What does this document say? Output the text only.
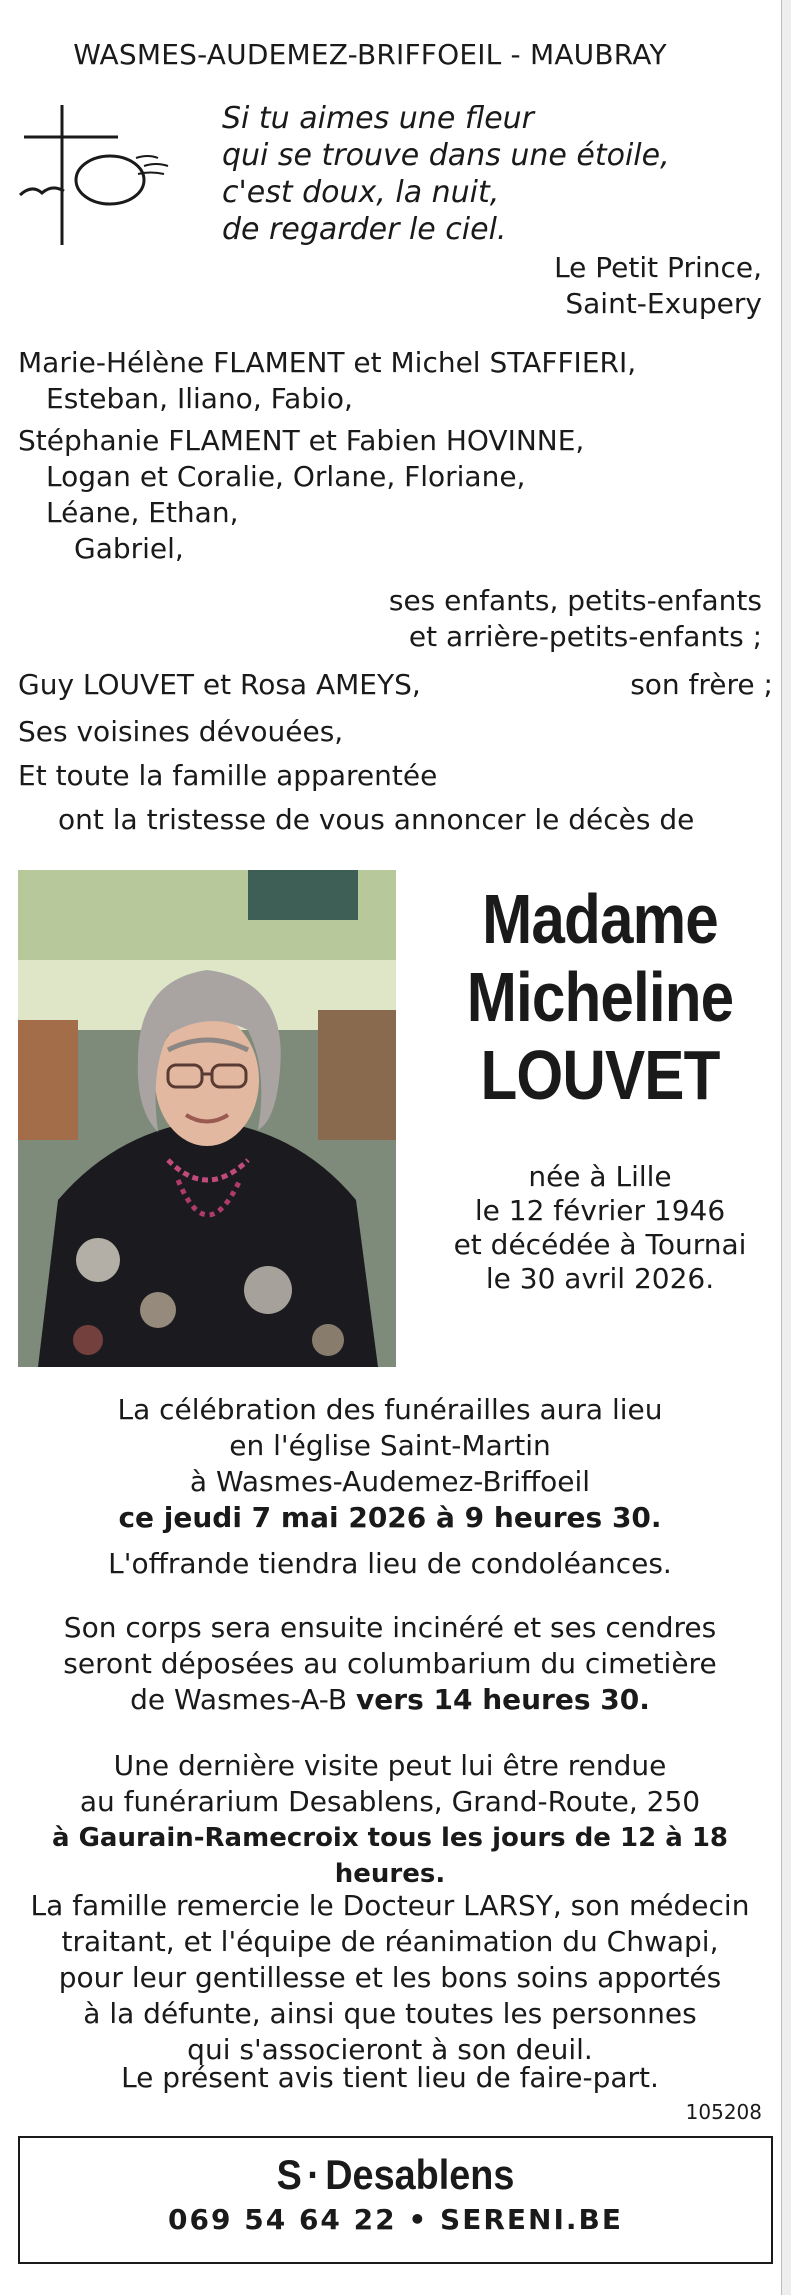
WASMES-AUDEMEZ-BRIFFOEIL - MAUBRAY
Si tu aimes une fleur
qui se trouve dans une étoile,
c'est doux, la nuit,
de regarder le ciel.
Le Petit Prince,
Saint-Exupery
Marie-Hélène FLAMENT et Michel STAFFIERI,
Esteban, Iliano, Fabio,
Stéphanie FLAMENT et Fabien HOVINNE,
Logan et Coralie, Orlane, Floriane,
Léane, Ethan,
Gabriel,
ses enfants, petits-enfants
et arrière-petits-enfants ;
Guy LOUVET et Rosa AMEYS,	son frère ;
Ses voisines dévouées,
Et toute la famille apparentée
ont la tristesse de vous annoncer le décès de
Madame
Micheline
LOUVET
née à Lille
le 12 février 1946
et décédée à Tournai
le 30 avril 2026.
La célébration des funérailles aura lieu
en l'église Saint-Martin
à Wasmes-Audemez-Briffoeil
ce jeudi 7 mai 2026 à 9 heures 30.
L'offrande tiendra lieu de condoléances.
Son corps sera ensuite incinéré et ses cendres
seront déposées au columbarium du cimetière
de Wasmes-A-B vers 14 heures 30.
Une dernière visite peut lui être rendue
au funérarium Desablens, Grand-Route, 250
à Gaurain-Ramecroix tous les jours de 12 à 18 heures.
La famille remercie le Docteur LARSY, son médecin
traitant, et l'équipe de réanimation du Chwapi,
pour leur gentillesse et les bons soins apportés
à la défunte, ainsi que toutes les personnes
qui s'associeront à son deuil.
Le présent avis tient lieu de faire-part.
105208
S · Desablens
069 54 64 22 • SERENI.BE
